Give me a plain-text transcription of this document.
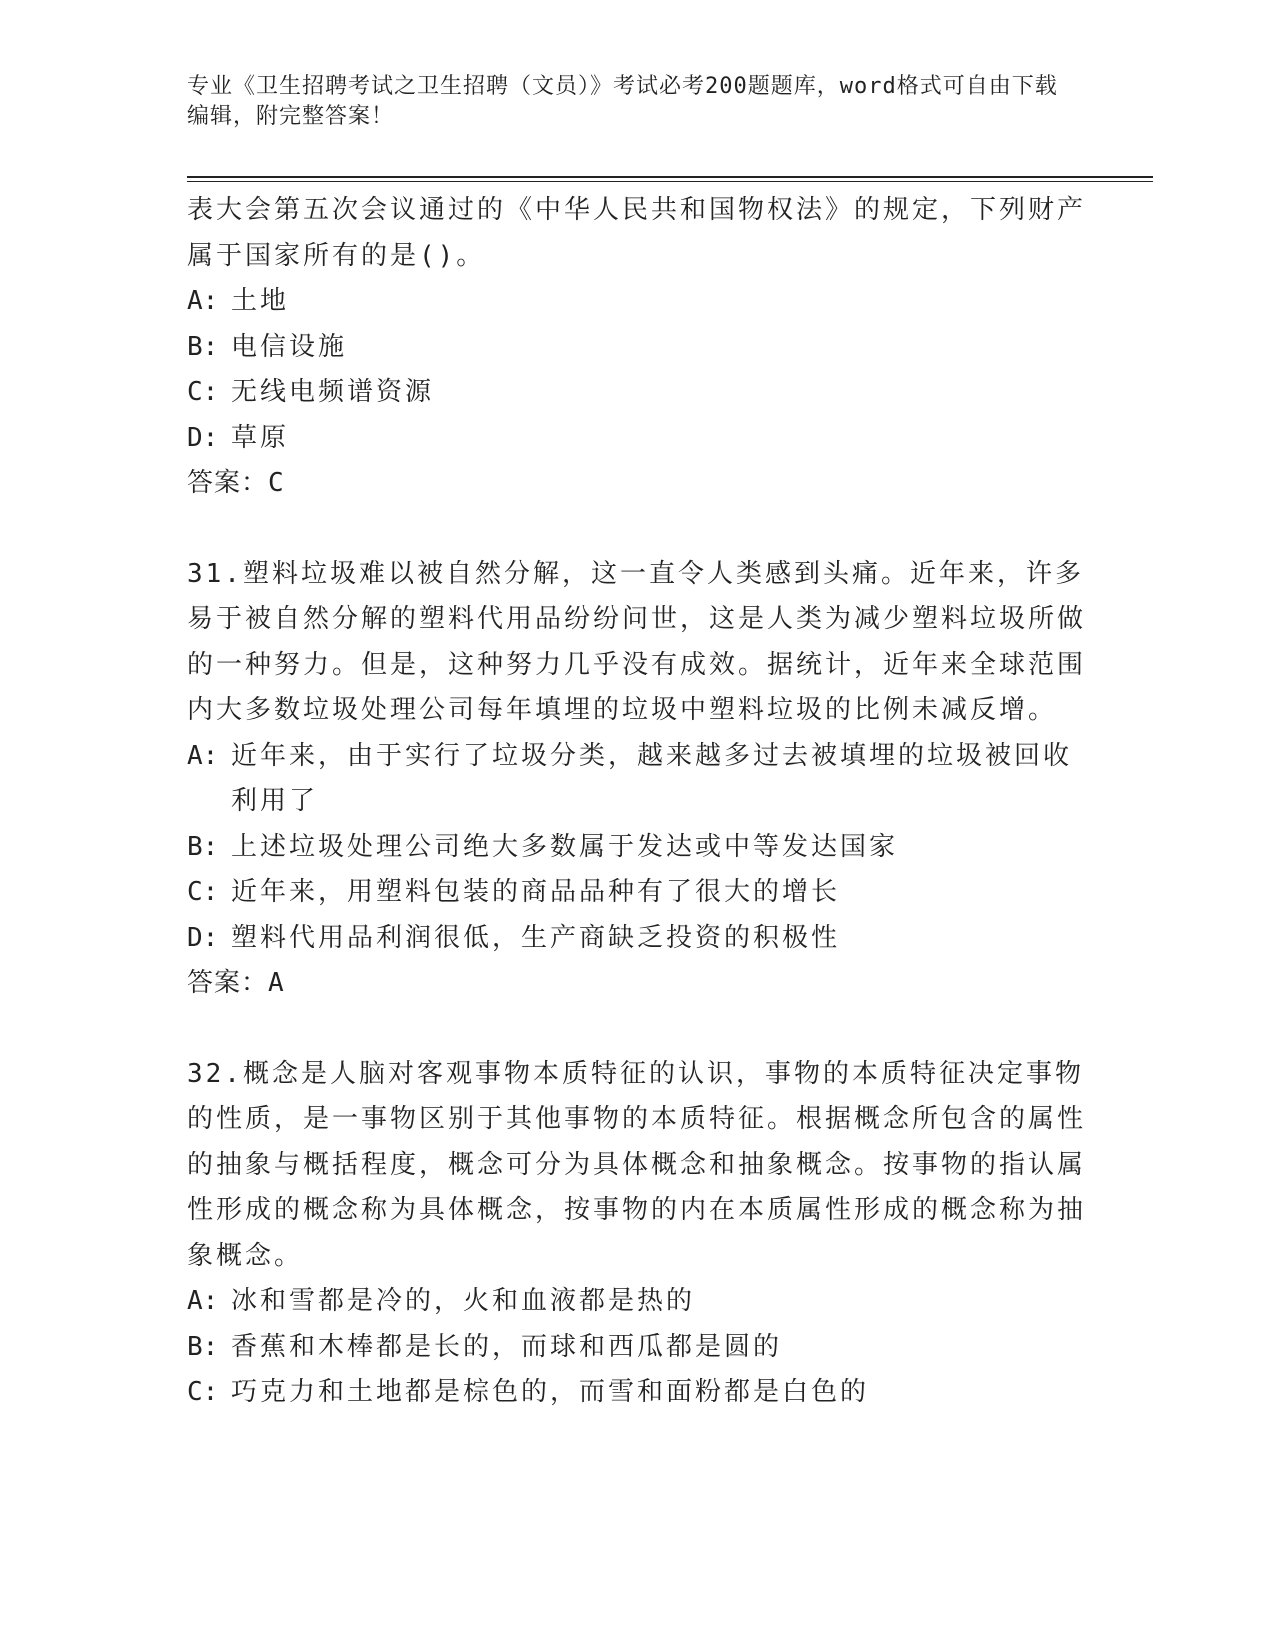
专业《卫生招聘考试之卫生招聘（文员）》考试必考200题题库，word格式可自由下载编辑，附完整答案！

表大会第五次会议通过的《中华人民共和国物权法》的规定，下列财产属于国家所有的是()。

A: 土地
B: 电信设施
C: 无线电频谱资源
D: 草原

答案：C

31.塑料垃圾难以被自然分解，这一直令人类感到头痛。近年来，许多易于被自然分解的塑料代用品纷纷问世，这是人类为减少塑料垃圾所做的一种努力。但是，这种努力几乎没有成效。据统计，近年来全球范围内大多数垃圾处理公司每年填埋的垃圾中塑料垃圾的比例未减反增。

A: 近年来，由于实行了垃圾分类，越来越多过去被填埋的垃圾被回收利用了
B: 上述垃圾处理公司绝大多数属于发达或中等发达国家
C: 近年来，用塑料包装的商品品种有了很大的增长
D: 塑料代用品利润很低，生产商缺乏投资的积极性

答案：A

32.概念是人脑对客观事物本质特征的认识，事物的本质特征决定事物的性质，是一事物区别于其他事物的本质特征。根据概念所包含的属性的抽象与概括程度，概念可分为具体概念和抽象概念。按事物的指认属性形成的概念称为具体概念，按事物的内在本质属性形成的概念称为抽象概念。

A: 冰和雪都是冷的，火和血液都是热的
B: 香蕉和木棒都是长的，而球和西瓜都是圆的
C: 巧克力和土地都是棕色的，而雪和面粉都是白色的
